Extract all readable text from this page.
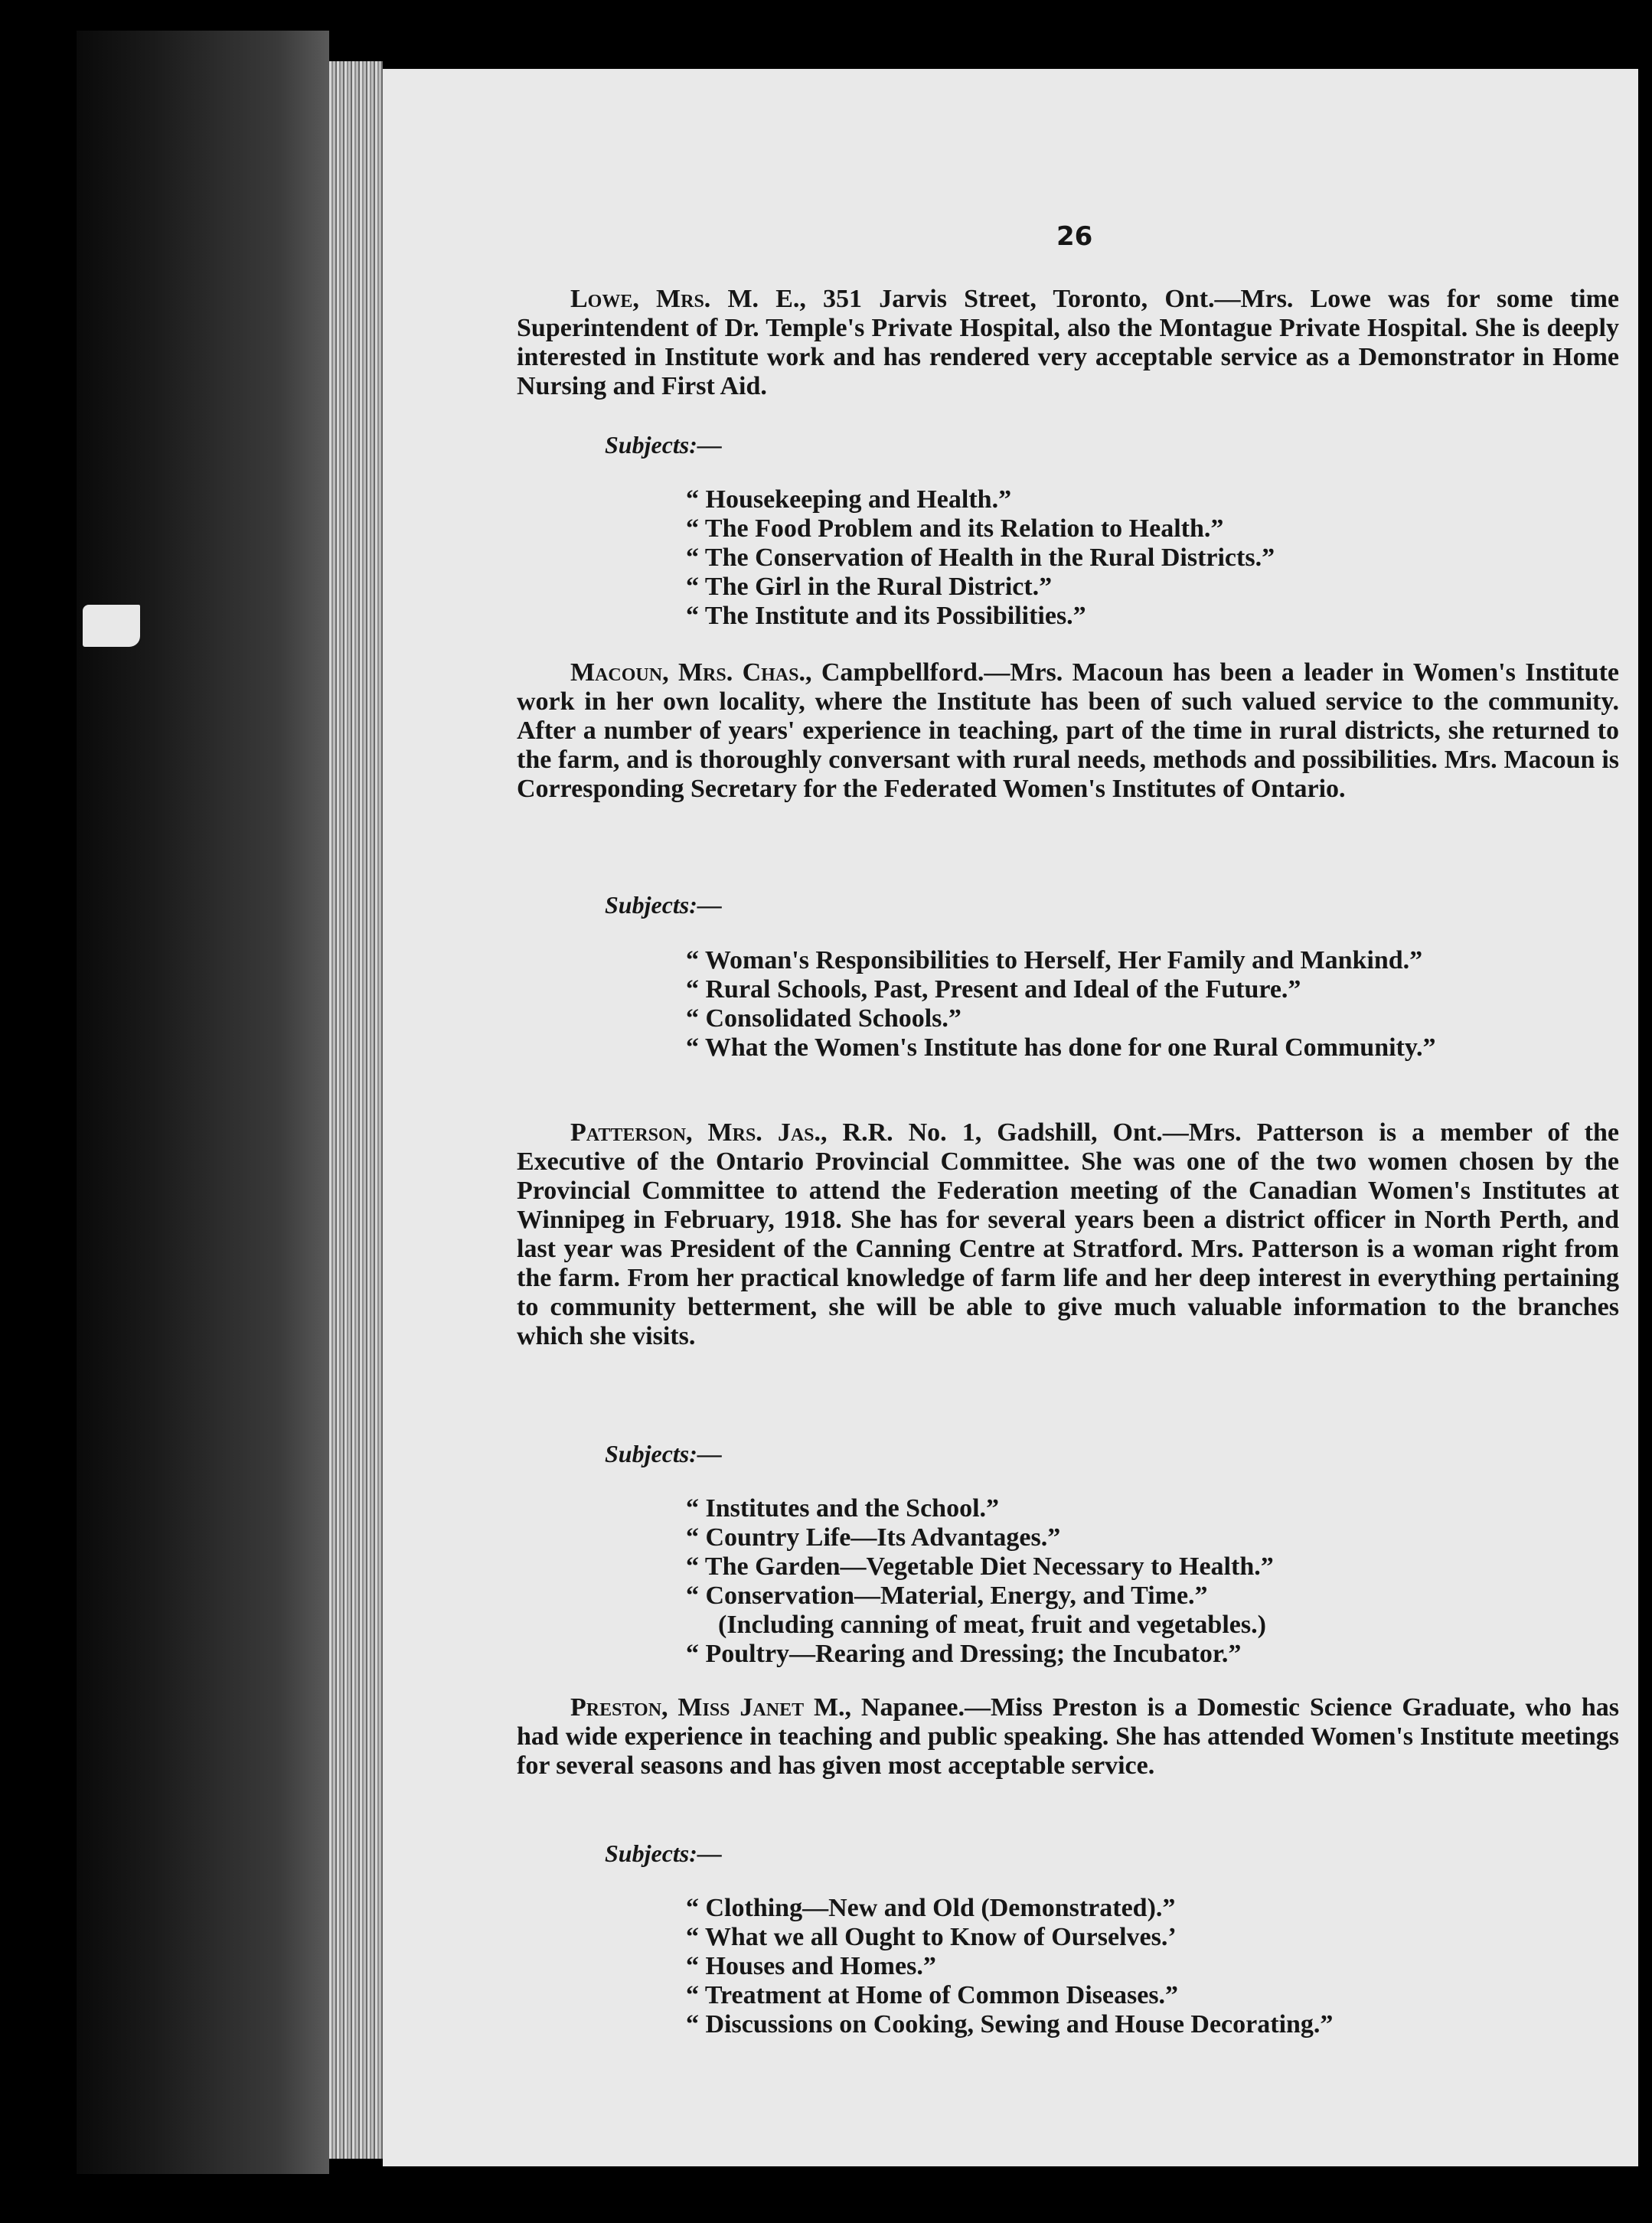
26

Lowe, Mrs. M. E., 351 Jarvis Street, Toronto, Ont.—Mrs. Lowe was for some time Superintendent of Dr. Temple's Private Hospital, also the Montague Private Hospital. She is deeply interested in Institute work and has rendered very acceptable service as a Demonstrator in Home Nursing and First Aid.

Subjects:—
“ Housekeeping and Health.”
“ The Food Problem and its Relation to Health.”
“ The Conservation of Health in the Rural Districts.”
“ The Girl in the Rural District.”
“ The Institute and its Possibilities.”

Macoun, Mrs. Chas., Campbellford.—Mrs. Macoun has been a leader in Women's Institute work in her own locality, where the Institute has been of such valued service to the community. After a number of years' experience in teaching, part of the time in rural districts, she returned to the farm, and is thoroughly conversant with rural needs, methods and possibilities. Mrs. Macoun is Corresponding Secretary for the Federated Women's Institutes of Ontario.

Subjects:—
“ Woman's Responsibilities to Herself, Her Family and Mankind.”
“ Rural Schools, Past, Present and Ideal of the Future.”
“ Consolidated Schools.”
“ What the Women's Institute has done for one Rural Community.”

Patterson, Mrs. Jas., R.R. No. 1, Gadshill, Ont.—Mrs. Patterson is a member of the Executive of the Ontario Provincial Committee. She was one of the two women chosen by the Provincial Committee to attend the Federation meeting of the Canadian Women's Institutes at Winnipeg in February, 1918. She has for several years been a district officer in North Perth, and last year was President of the Canning Centre at Stratford. Mrs. Patterson is a woman right from the farm. From her practical knowledge of farm life and her deep interest in everything pertaining to community betterment, she will be able to give much valuable information to the branches which she visits.

Subjects:—
“ Institutes and the School.”
“ Country Life—Its Advantages.”
“ The Garden—Vegetable Diet Necessary to Health.”
“ Conservation—Material, Energy, and Time.”
(Including canning of meat, fruit and vegetables.)
“ Poultry—Rearing and Dressing; the Incubator.”

Preston, Miss Janet M., Napanee.—Miss Preston is a Domestic Science Graduate, who has had wide experience in teaching and public speaking. She has attended Women's Institute meetings for several seasons and has given most acceptable service.

Subjects:—
“ Clothing—New and Old (Demonstrated).”
“ What we all Ought to Know of Ourselves.’
“ Houses and Homes.”
“ Treatment at Home of Common Diseases.”
“ Discussions on Cooking, Sewing and House Decorating.”
